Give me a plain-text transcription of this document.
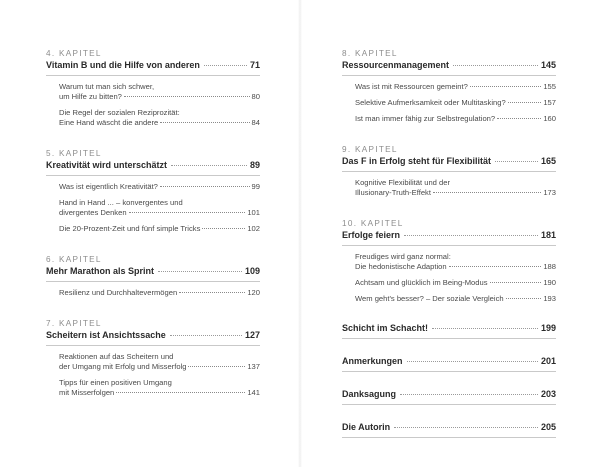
4. KAPITEL
Vitamin B und die Hilfe von anderen	71
Warum tut man sich schwer,
um Hilfe zu bitten?	80
Die Regel der sozialen Reziprozität:
Eine Hand wäscht die andere	84
5. KAPITEL
Kreativität wird unterschätzt	89
Was ist eigentlich Kreativität?	99
Hand in Hand ... – konvergentes und
divergentes Denken	101
Die 20-Prozent-Zeit und fünf simple Tricks	102
6. KAPITEL
Mehr Marathon als Sprint	109
Resilienz und Durchhaltevermögen	120
7. KAPITEL
Scheitern ist Ansichtssache	127
Reaktionen auf das Scheitern und
der Umgang mit Erfolg und Misserfolg	137
Tipps für einen positiven Umgang
mit Misserfolgen	141
8. KAPITEL
Ressourcenmanagement	145
Was ist mit Ressourcen gemeint?	155
Selektive Aufmerksamkeit oder Multitasking?	157
Ist man immer fähig zur Selbstregulation?	160
9. KAPITEL
Das F in Erfolg steht für Flexibilität	165
Kognitive Flexibilität und der
Illusionary-Truth-Effekt	173
10. KAPITEL
Erfolge feiern	181
Freudiges wird ganz normal:
Die hedonistische Adaption	188
Achtsam und glücklich im Being-Modus	190
Wem geht's besser? – Der soziale Vergleich	193
Schicht im Schacht!	199
Anmerkungen	201
Danksagung	203
Die Autorin	205
